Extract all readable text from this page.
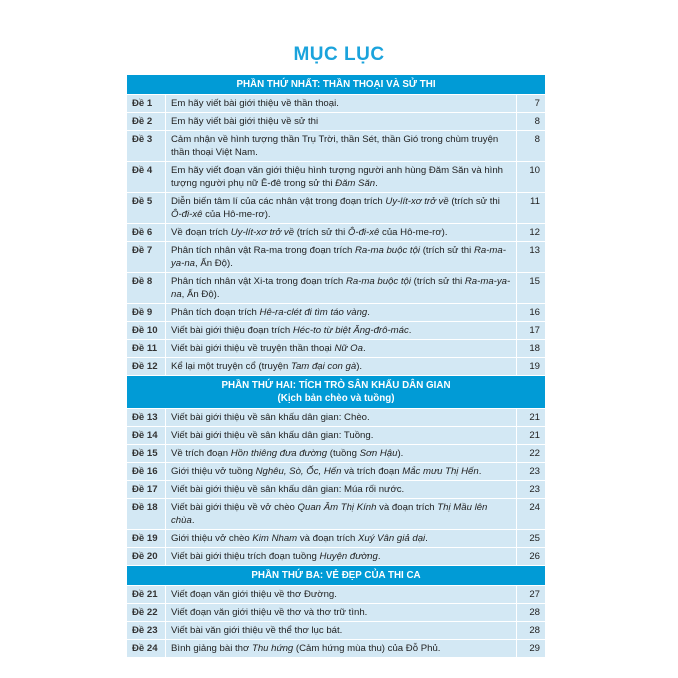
MỤC LỤC
PHẦN THỨ NHẤT: THẦN THOẠI VÀ SỬ THI		
Đề 1	Em hãy viết bài giới thiệu về thần thoại.	7
Đề 2	Em hãy viết bài giới thiệu về sử thi	8
Đề 3	Cảm nhận về hình tượng thần Trụ Trời, thần Sét, thần Gió trong chùm truyện thần thoại Việt Nam.	8
Đề 4	Em hãy viết đoạn văn giới thiệu hình tượng người anh hùng Đăm Săn và hình tượng người phụ nữ Ê-đê trong sử thi Đăm Săn.	10
Đề 5	Diễn biến tâm lí của các nhân vật trong đoạn trích Uy-lít-xơ trở về (trích sử thi Ô-đi-xê của Hô-me-rơ).	11
Đề 6	Về đoạn trích Uy-lít-xơ trở về (trích sử thi Ô-đi-xê của Hô-me-rơ).	12
Đề 7	Phân tích nhân vật Ra-ma trong đoạn trích Ra-ma buộc tội (trích sử thi Ra-ma-ya-na, Ấn Độ).	13
Đề 8	Phân tích nhân vật Xi-ta trong đoạn trích Ra-ma buộc tội (trích sử thi Ra-ma-ya-na, Ấn Độ).	15
Đề 9	Phân tích đoạn trích Hê-ra-clét đi tìm táo vàng.	16
Đề 10	Viết bài giới thiệu đoạn trích Héc-to từ biệt Ăng-đrô-mác.	17
Đề 11	Viết bài giới thiệu về truyện thần thoại Nữ Oa.	18
Đề 12	Kể lại một truyện cổ (truyện Tam đại con gà).	19
PHẦN THỨ HAI: TÍCH TRÒ SÂN KHẤU DÂN GIAN
(Kịch bản chèo và tuồng)		

Đề 13	Viết bài giới thiệu về sân khấu dân gian: Chèo.	21
Đề 14	Viết bài giới thiệu về sân khấu dân gian: Tuồng.	21
Đề 15	Về trích đoạn Hồn thiêng đưa đường (tuồng Sơn Hậu).	22
Đề 16	Giới thiệu vở tuồng Nghêu, Sò, Ốc, Hến và trích đoạn Mắc mưu Thị Hến.	23
Đề 17	Viết bài giới thiệu về sân khấu dân gian: Múa rối nước.	23
Đề 18	Viết bài giới thiệu về vở chèo Quan Âm Thị Kính và đoạn trích Thị Mầu lên chùa.	24
Đề 19	Giới thiệu vở chèo Kim Nham và đoạn trích Xuý Vân giả dại.	25
Đề 20	Viết bài giới thiệu trích đoạn tuồng Huyện đường.	26
PHẦN THỨ BA: VẺ ĐẸP CỦA THI CA		
Đề 21	Viết đoạn văn giới thiệu về thơ Đường.	27
Đề 22	Viết đoạn văn giới thiệu về thơ và thơ trữ tình.	28
Đề 23	Viết bài văn giới thiệu về thể thơ lục bát.	28
Đề 24	Bình giảng bài thơ Thu hứng (Cảm hứng mùa thu) của Đỗ Phủ.	29
